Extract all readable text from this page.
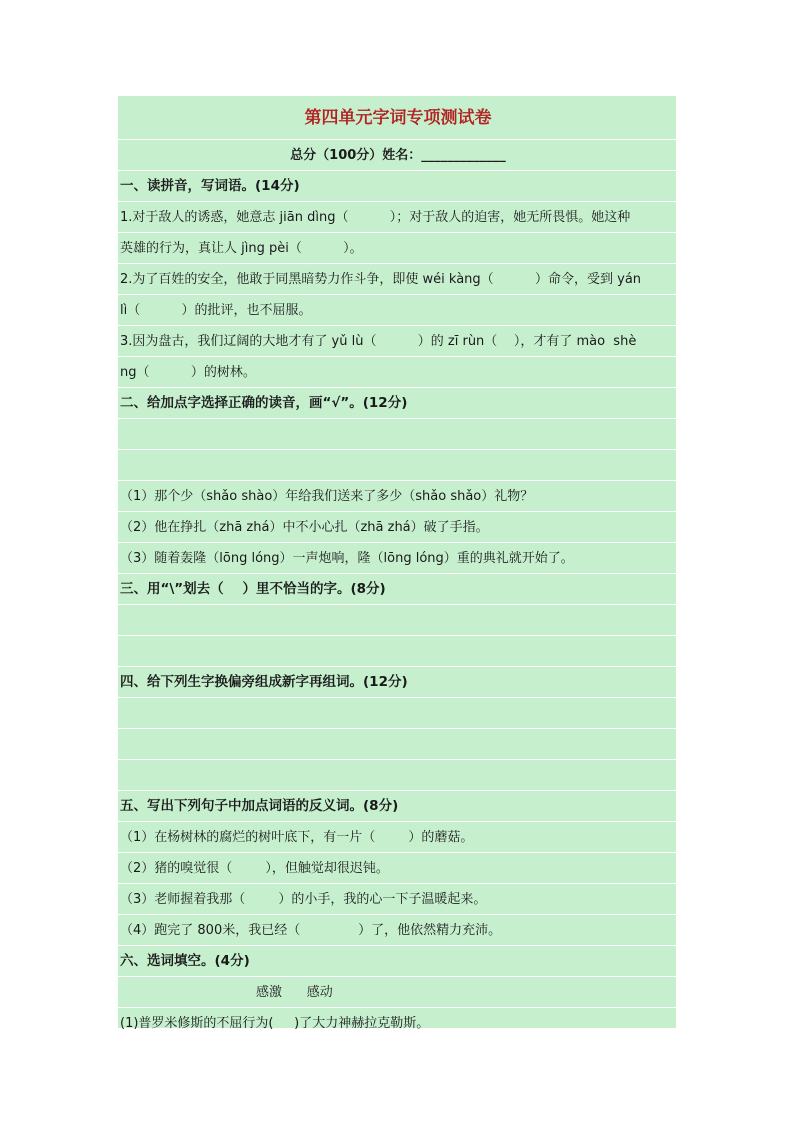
第四单元字词专项测试卷
总分（100分）姓名：_____________
一、读拼音，写词语。(14分)
1.对于敌人的诱惑，她意志 jiān dìng（          ）；对于敌人的迫害，她无所畏惧。她这种
英雄的行为，真让人 jìng pèi（          ）。
2.为了百姓的安全，他敢于同黑暗势力作斗争，即使 wéi kàng（          ）命令，受到 yán
lì（          ）的批评，也不屈服。
3.因为盘古，我们辽阔的大地才有了 yǔ lù（          ）的 zī rùn（    ），才有了 mào  shè
ng（          ）的树林。
二、给加点字选择正确的读音，画“√”。(12分)

（1）那个少（shǎo shào）年给我们送来了多少（shǎo shǎo）礼物？
（2）他在挣扎（zhā zhá）中不小心扎（zhā zhá）破了手指。
（3）随着轰隆（lōng lóng）一声炮响，隆（lōng lóng）重的典礼就开始了。
三、用“\”划去（    ）里不恰当的字。(8分)

四、给下列生字换偏旁组成新字再组词。(12分)

五、写出下列句子中加点词语的反义词。(8分)
（1）在杨树林的腐烂的树叶底下，有一片（        ）的蘑菇。
（2）猪的嗅觉很（        ），但触觉却很迟钝。
（3）老师握着我那（        ）的小手，我的心一下子温暖起来。
（4）跑完了 800米，我已经（              ）了，他依然精力充沛。
六、选词填空。(4分)
感激      感动
(1)普罗米修斯的不屈行为(     )了大力神赫拉克勒斯。
